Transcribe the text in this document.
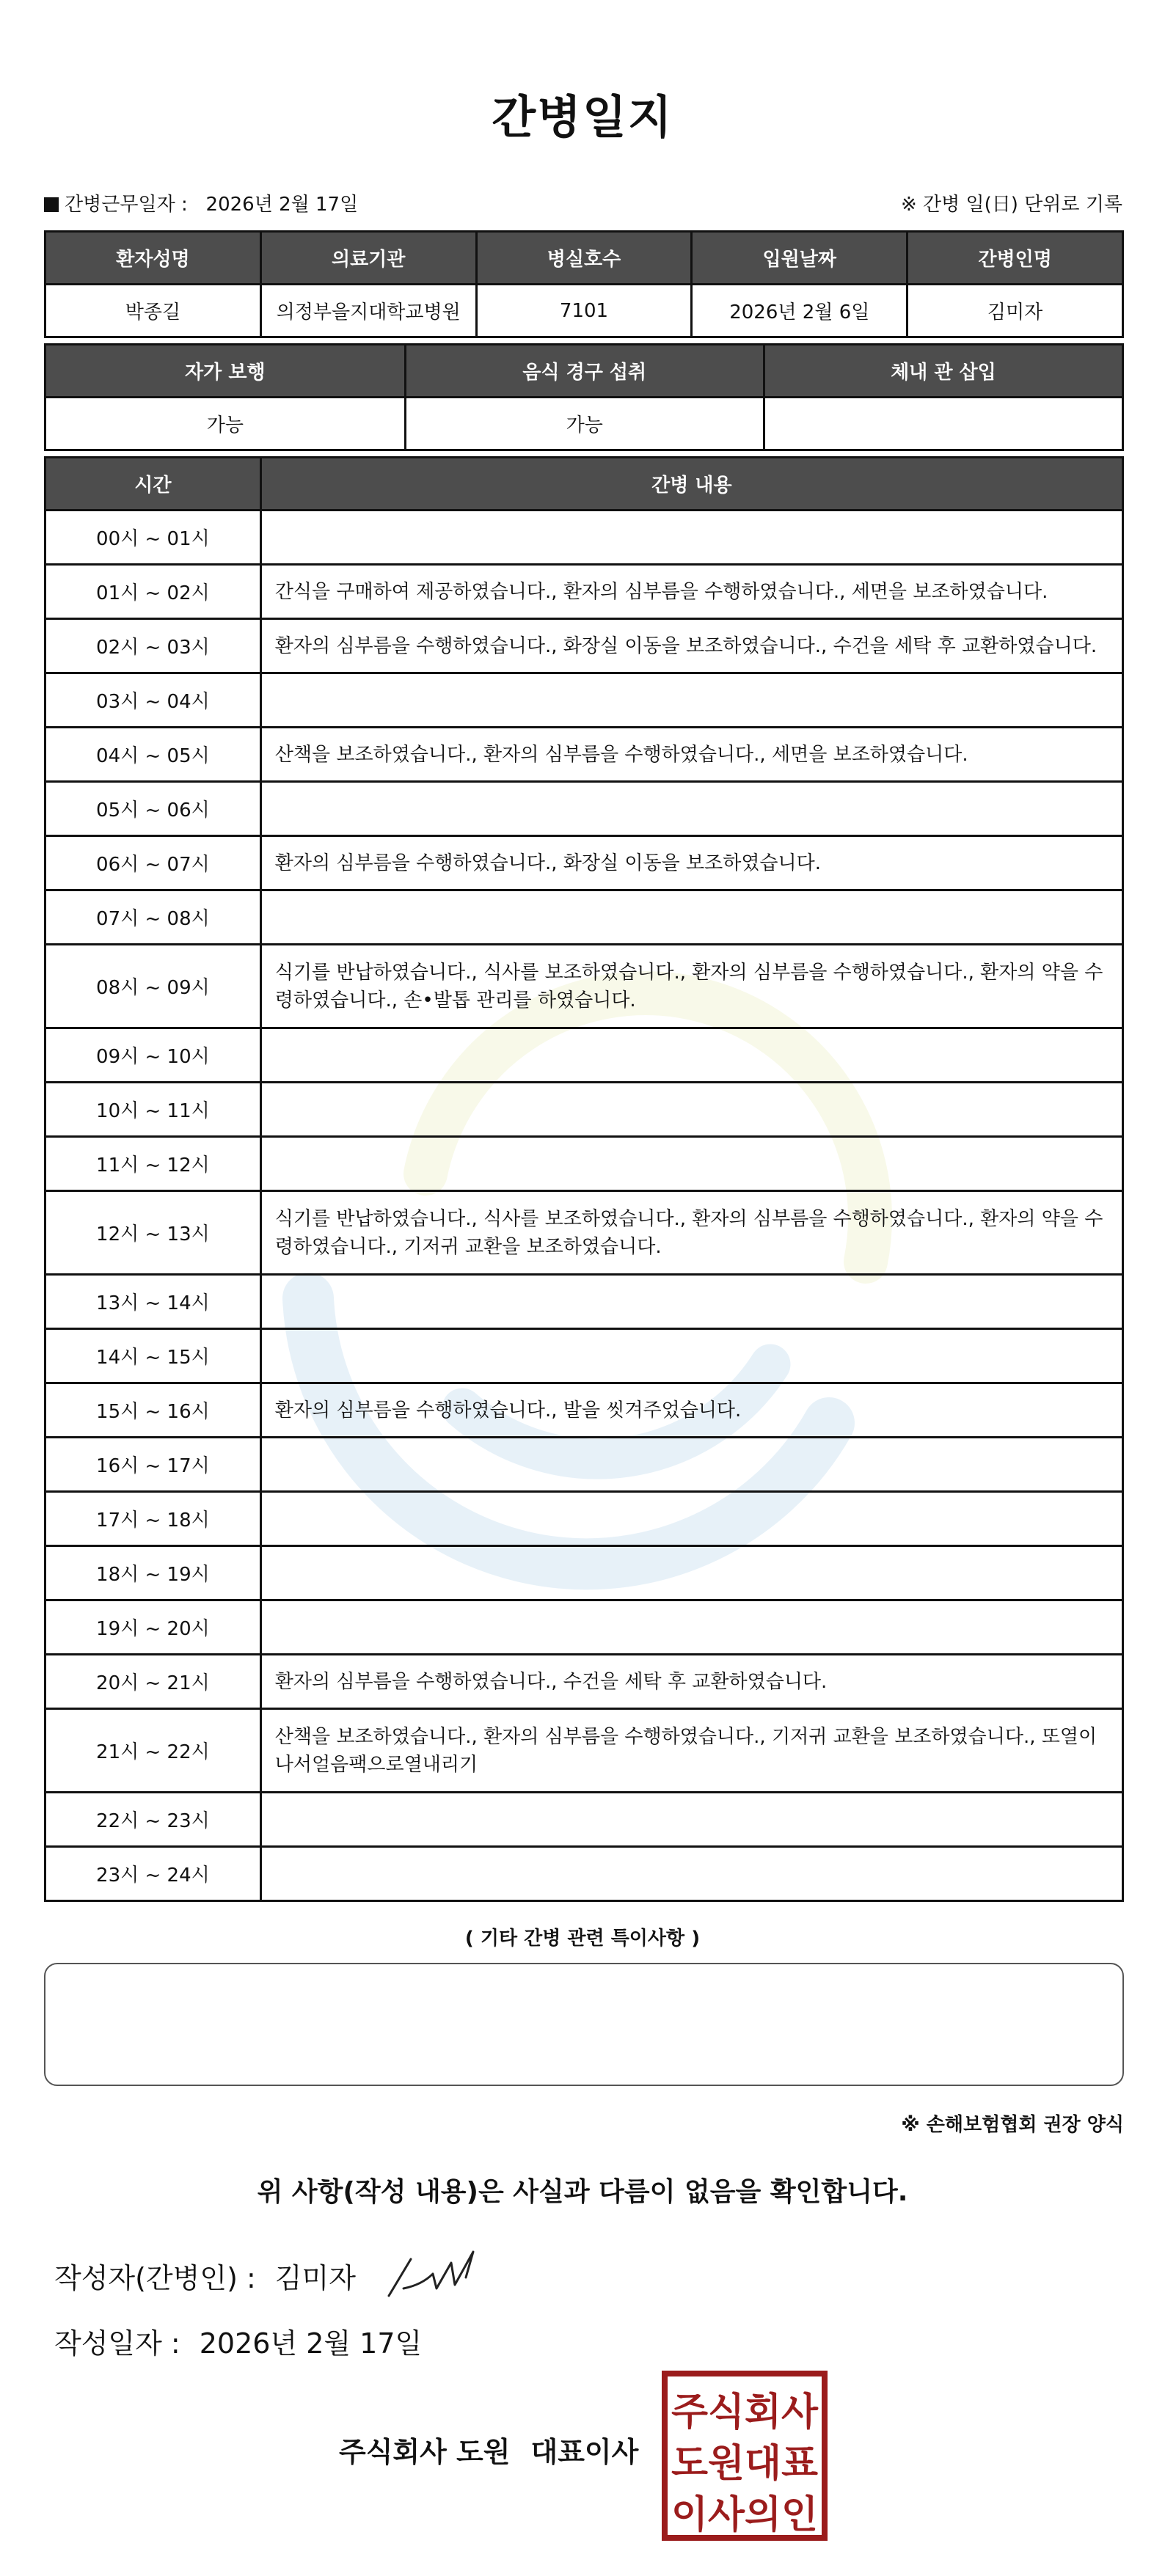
간병일지
간병근무일자 : 2026년 2월 17일	※ 간병 일(日) 단위로 기록
환자성명	의료기관	병실호수	입원날짜	간병인명
박종길	의정부을지대학교병원	7101	2026년 2월 6일	김미자
자가 보행	음식 경구 섭취	체내 관 삽입
가능	가능	
시간	간병 내용
00시 ~ 01시	
01시 ~ 02시	간식을 구매하여 제공하였습니다., 환자의 심부름을 수행하였습니다., 세면을 보조하였습니다.
02시 ~ 03시	환자의 심부름을 수행하였습니다., 화장실 이동을 보조하였습니다., 수건을 세탁 후 교환하였습니다.
03시 ~ 04시	
04시 ~ 05시	산책을 보조하였습니다., 환자의 심부름을 수행하였습니다., 세면을 보조하였습니다.
05시 ~ 06시	
06시 ~ 07시	환자의 심부름을 수행하였습니다., 화장실 이동을 보조하였습니다.
07시 ~ 08시	
08시 ~ 09시	식기를 반납하였습니다., 식사를 보조하였습니다., 환자의 심부름을 수행하였습니다., 환자의 약을 수령하였습니다., 손•발톱 관리를 하였습니다.
09시 ~ 10시	
10시 ~ 11시	
11시 ~ 12시	
12시 ~ 13시	식기를 반납하였습니다., 식사를 보조하였습니다., 환자의 심부름을 수행하였습니다., 환자의 약을 수령하였습니다., 기저귀 교환을 보조하였습니다.
13시 ~ 14시	
14시 ~ 15시	
15시 ~ 16시	환자의 심부름을 수행하였습니다., 발을 씻겨주었습니다.
16시 ~ 17시	
17시 ~ 18시	
18시 ~ 19시	
19시 ~ 20시	
20시 ~ 21시	환자의 심부름을 수행하였습니다., 수건을 세탁 후 교환하였습니다.
21시 ~ 22시	산책을 보조하였습니다., 환자의 심부름을 수행하였습니다., 기저귀 교환을 보조하였습니다., 또열이나서얼음팩으로열내리기
22시 ~ 23시	
23시 ~ 24시	
( 기타 간병 관련 특이사항 )
※ 손해보험협회 권장 양식
위 사항(작성 내용)은 사실과 다름이 없음을 확인합니다.
작성자(간병인) : 김미자
작성일자 : 2026년 2월 17일
주식회사 도원 대표이사
주식회사
도원대표
이사의인
